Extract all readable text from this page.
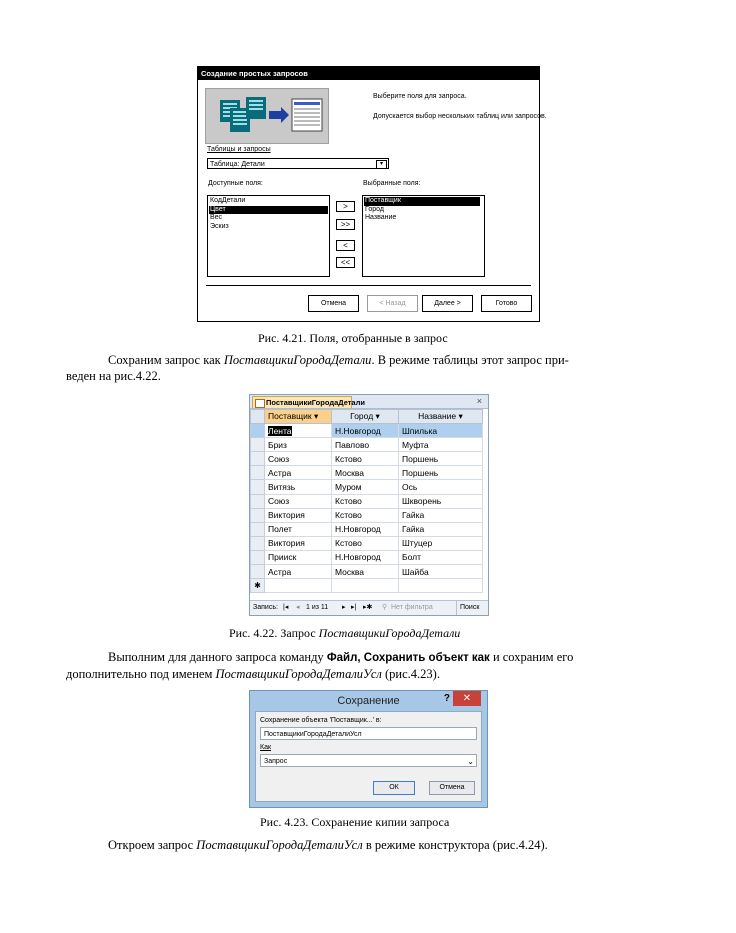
Создание простых запросов
Выберите поля для запроса.
Допускается выбор нескольких таблиц или запросов.
Таблицы и запросы
Таблица: Детали	▾
Доступные поля:	Выбранные поля:
КодДетали
Цвет
Вес
Эскиз
>
>>
<
<<
Поставщик
Город
Название
Отмена	< Назад	Далее >	Готово
Рис. 4.21. Поля, отобранные в запрос
Сохраним запрос как ПоставщикиГородаДетали. В режиме таблицы этот запрос при-
веден на рис.4.22.
ПоставщикиГородаДетали	×
	Поставщик ▾	Город ▾	Название ▾
	Лента	Н.Новгород	Шпилька
	Бриз	Павлово	Муфта
	Союз	Кстово	Поршень
	Астра	Москва	Поршень
	Витязь	Муром	Ось
	Союз	Кстово	Шкворень
	Виктория	Кстово	Гайка
	Полет	Н.Новгород	Гайка
	Виктория	Кстово	Штуцер
	Прииск	Н.Новгород	Болт
	Астра	Москва	Шайба
✱			
Запись: |◂ ◂ 1 из 11 ▸ ▸| ▸✱ ⚲ Нет фильтра	Поиск
Рис. 4.22. Запрос ПоставщикиГородаДетали
Выполним для данного запроса команду Файл, Сохранить объект как и сохраним его
дополнительно под именем ПоставщикиГородаДеталиУсл (рис.4.23).
Сохранение	?	✕
Сохранение объекта 'Поставщик...' в:
ПоставщикиГородаДеталиУсл
Как
Запрос	⌄
ОК	Отмена
Рис. 4.23. Сохранение кипии запроса
Откроем запрос ПоставщикиГородаДеталиУсл в режиме конструктора (рис.4.24).
